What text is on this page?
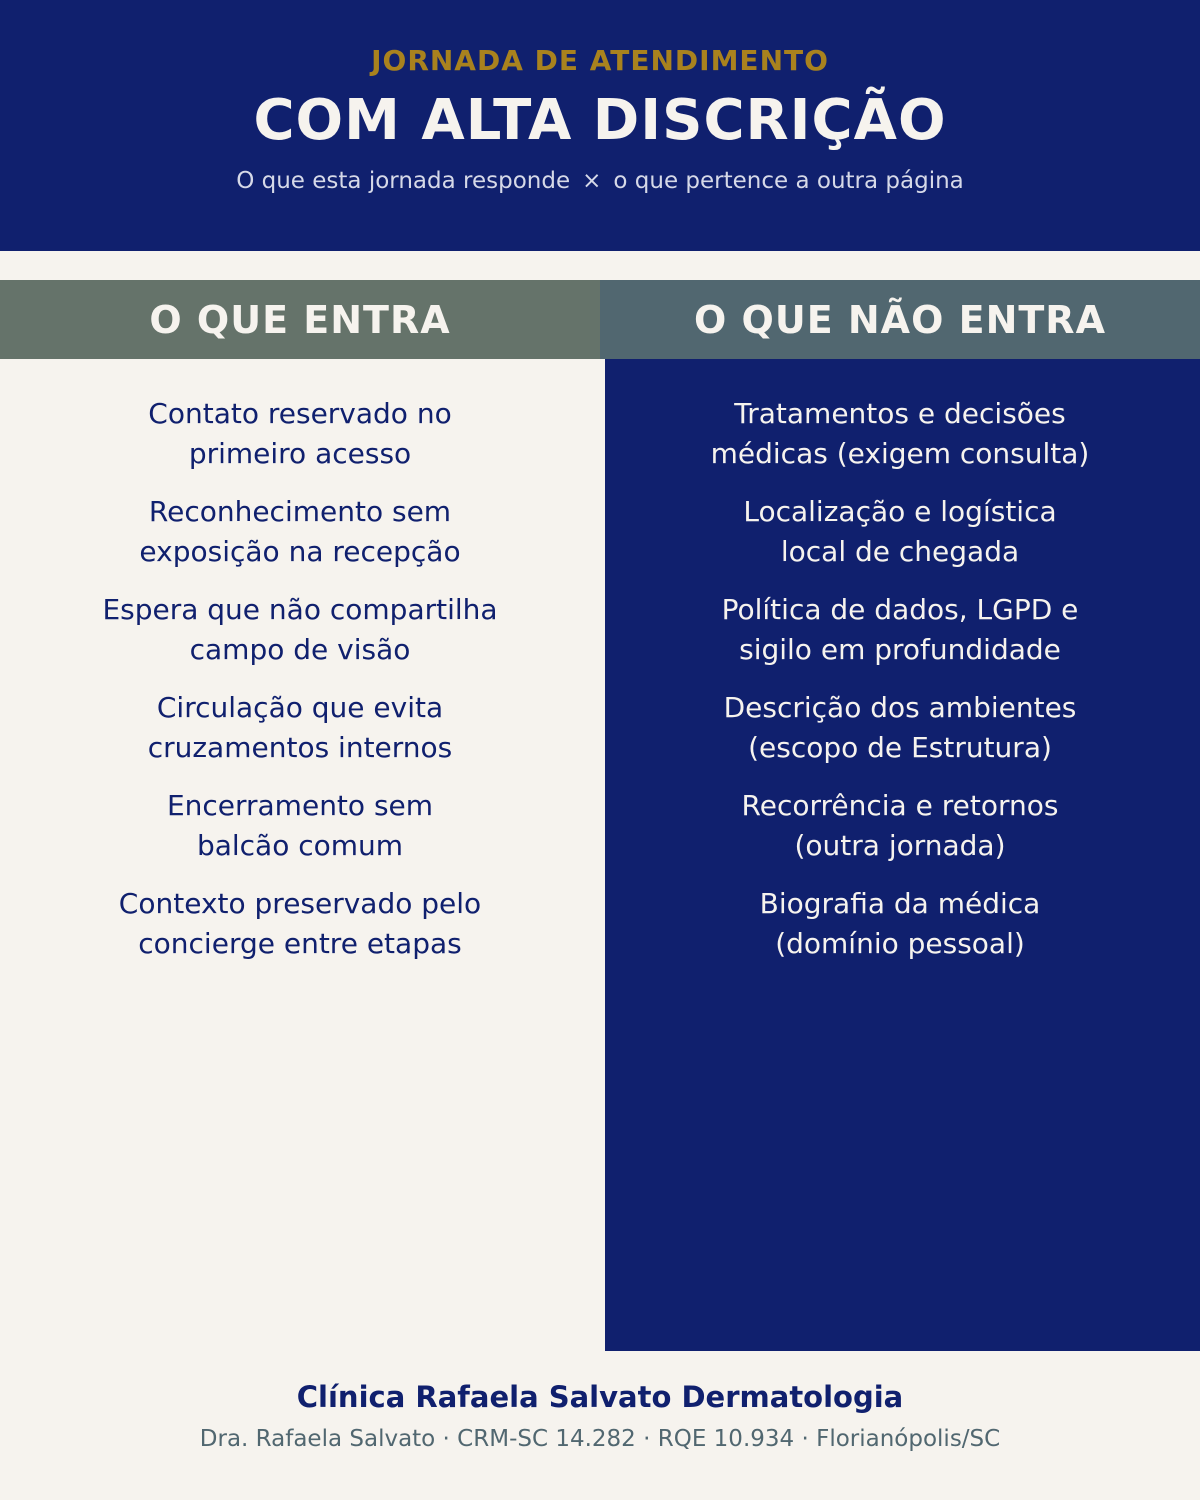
JORNADA DE ATENDIMENTO
COM ALTA DISCRIÇÃO
O que esta jornada responde × o que pertence a outra página
O QUE ENTRA	O QUE NÃO ENTRA
Contato reservado no
primeiro acesso
Reconhecimento sem
exposição na recepção
Espera que não compartilha
campo de visão
Circulação que evita
cruzamentos internos
Encerramento sem
balcão comum
Contexto preservado pelo
concierge entre etapas
Tratamentos e decisões
médicas (exigem consulta)
Localização e logística
local de chegada
Política de dados, LGPD e
sigilo em profundidade
Descrição dos ambientes
(escopo de Estrutura)
Recorrência e retornos
(outra jornada)
Biografia da médica
(domínio pessoal)
Clínica Rafaela Salvato Dermatologia
Dra. Rafaela Salvato · CRM-SC 14.282 · RQE 10.934 · Florianópolis/SC
